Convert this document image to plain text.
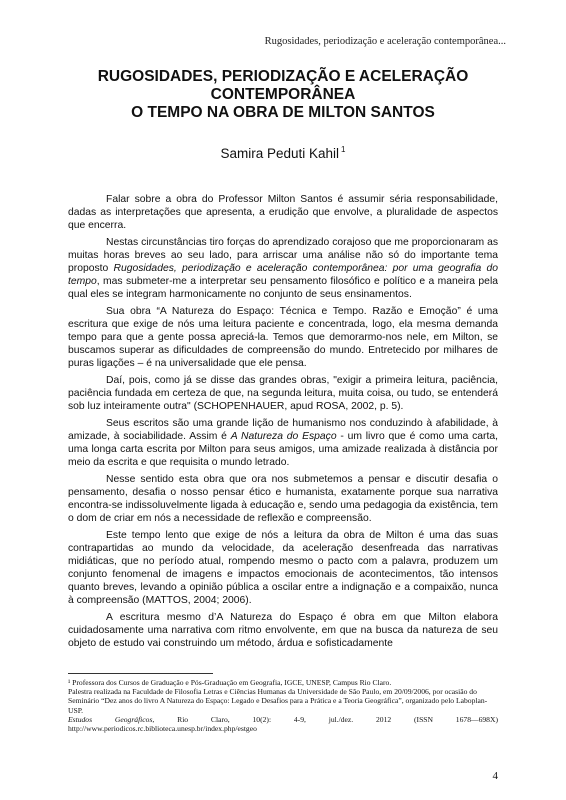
Rugosidades, periodização e aceleração contemporânea...
RUGOSIDADES, PERIODIZAÇÃO E ACELERAÇÃO
CONTEMPORÂNEA
O TEMPO NA OBRA DE MILTON SANTOS
Samira Peduti Kahil $^1$

Falar sobre a obra do Professor Milton Santos é assumir séria responsabilidade, dadas as interpretações que apresenta, a erudição que envolve, a pluralidade de aspectos que encerra.

Nestas circunstâncias tiro forças do aprendizado corajoso que me proporcionaram as muitas horas breves ao seu lado, para arriscar uma análise não só do importante tema proposto Rugosidades, periodização e aceleração contemporânea: por uma geografia do tempo, mas submeter-me a interpretar seu pensamento filosófico e político e a maneira pela qual eles se integram harmonicamente no conjunto de seus ensinamentos.

Sua obra “A Natureza do Espaço: Técnica e Tempo. Razão e Emoção” é uma escritura que exige de nós uma leitura paciente e concentrada, logo, ela mesma demanda tempo para que a gente possa apreciá-la. Temos que demorarmo-nos nele, em Milton, se buscamos superar as dificuldades de compreensão do mundo. Entretecido por milhares de puras ligações – é na universalidade que ele pensa.

Daí, pois, como já se disse das grandes obras, "exigir a primeira leitura, paciência, paciência fundada em certeza de que, na segunda leitura, muita coisa, ou tudo, se entenderá sob luz inteiramente outra" (SCHOPENHAUER, apud ROSA, 2002, p. 5).

Seus escritos são uma grande lição de humanismo nos conduzindo à afabilidade, à amizade, à sociabilidade. Assim é A Natureza do Espaço - um livro que é como uma carta, uma longa carta escrita por Milton para seus amigos, uma amizade realizada à distância por meio da escrita e que requisita o mundo letrado.

Nesse sentido esta obra que ora nos submetemos a pensar e discutir desafia o pensamento, desafia o nosso pensar ético e humanista, exatamente porque sua narrativa encontra-se indissoluvelmente ligada à educação e, sendo uma pedagogia da existência, tem o dom de criar em nós a necessidade de reflexão e compreensão.

Este tempo lento que exige de nós a leitura da obra de Milton é uma das suas contrapartidas ao mundo da velocidade, da aceleração desenfreada das narrativas midiáticas, que no período atual, rompendo mesmo o pacto com a palavra, produzem um conjunto fenomenal de imagens e impactos emocionais de acontecimentos, tão intensos quanto breves, levando a opinião pública a oscilar entre a indignação e a compaixão, nunca à compreensão (MATTOS, 2004; 2006).

A escritura mesmo d’A Natureza do Espaço é obra em que Milton elabora cuidadosamente uma narrativa com ritmo envolvente, em que na busca da natureza de seu objeto de estudo vai construindo um método, árdua e sofisticadamente

¹ Professora dos Cursos de Graduação e Pós-Graduação em Geografia, IGCE, UNESP, Campus Rio Claro.

Palestra realizada na Faculdade de Filosofia Letras e Ciências Humanas da Universidade de São Paulo, em 20/09/2006, por ocasião do Seminário “Dez anos do livro A Natureza do Espaço: Legado e Desafios para a Prática e a Teoria Geográfica”, organizado pelo Laboplan-USP.

Estudos Geográficos, Rio Claro, 10(2): 4-9, jul./dez. 2012 (ISSN 1678—698X)

http://www.periodicos.rc.biblioteca.unesp.br/index.php/estgeo

4
